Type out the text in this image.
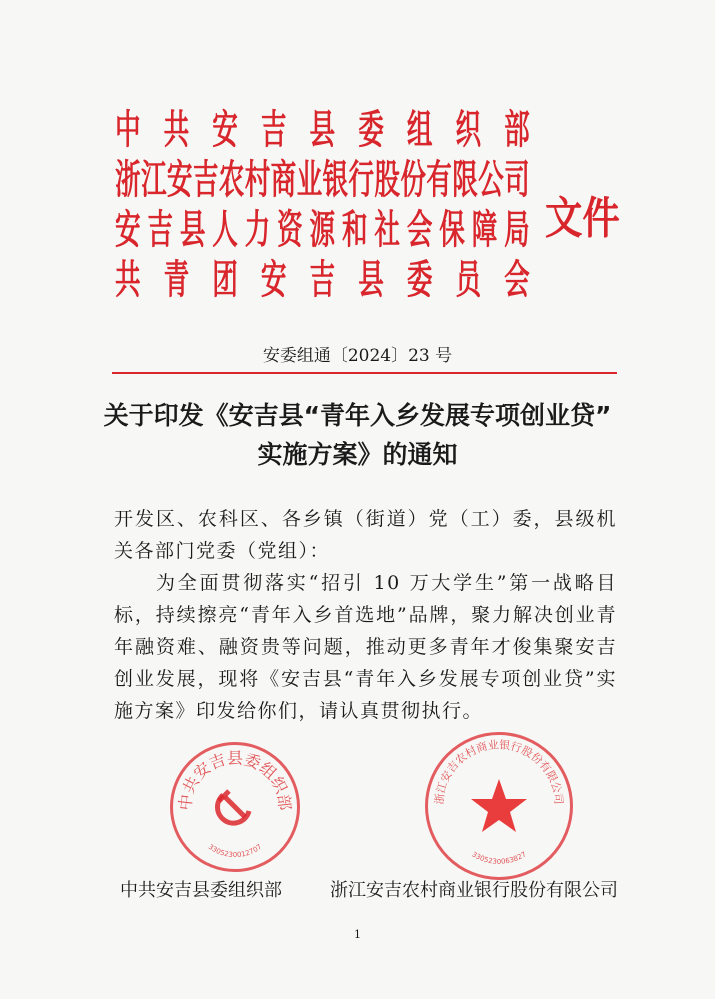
中共安吉县委组织部
浙江安吉农村商业银行股份有限公司
安吉县人力资源和社会保障局
共青团安吉县委员会
文件
安委组通〔2024〕23 号
关于印发《安吉县“青年入乡发展专项创业贷”
实施方案》的通知

开发区、农科区、各乡镇（街道）党（工）委，县级机关各部门党委（党组）：

为全面贯彻落实“招引 10 万大学生”第一战略目标，持续擦亮“青年入乡首选地”品牌，聚力解决创业青年融资难、融资贵等问题，推动更多青年才俊集聚安吉创业发展，现将《安吉县“青年入乡发展专项创业贷”实施方案》印发给你们，请认真贯彻执行。

中共安吉县委组织部
3305230012707
浙江安吉农村商业银行股份有限公司
3305230063827
中共安吉县委组织部	浙江安吉农村商业银行股份有限公司
1
